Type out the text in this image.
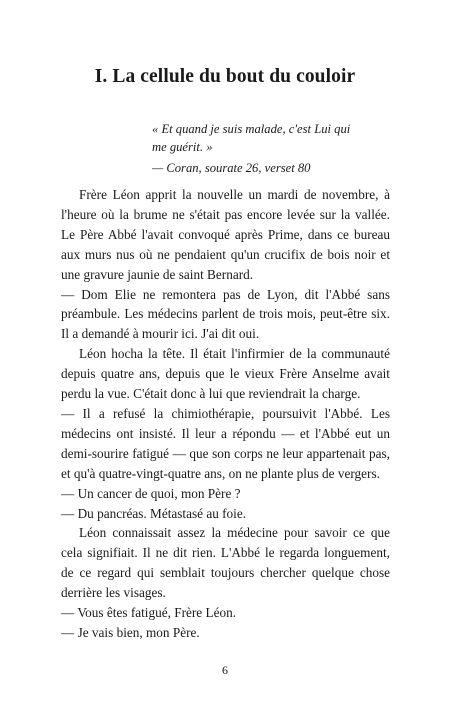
I. La cellule du bout du couloir

« Et quand je suis malade, c'est Lui qui me guérit. »

— Coran, sourate 26, verset 80

Frère Léon apprit la nouvelle un mardi de novembre, à l'heure où la brume ne s'était pas encore levée sur la vallée. Le Père Abbé l'avait convoqué après Prime, dans ce bureau aux murs nus où ne pendaient qu'un crucifix de bois noir et une gravure jaunie de saint Bernard.

— Dom Elie ne remontera pas de Lyon, dit l'Abbé sans préambule. Les médecins parlent de trois mois, peut-être six. Il a demandé à mourir ici. J'ai dit oui.

Léon hocha la tête. Il était l'infirmier de la communauté depuis quatre ans, depuis que le vieux Frère Anselme avait perdu la vue. C'était donc à lui que reviendrait la charge.

— Il a refusé la chimiothérapie, poursuivit l'Abbé. Les médecins ont insisté. Il leur a répondu — et l'Abbé eut un demi-sourire fatigué — que son corps ne leur appartenait pas, et qu'à quatre-vingt-quatre ans, on ne plante plus de vergers.

— Un cancer de quoi, mon Père ?

— Du pancréas. Métastasé au foie.

Léon connaissait assez la médecine pour savoir ce que cela signifiait. Il ne dit rien. L'Abbé le regarda longuement, de ce regard qui semblait toujours chercher quelque chose derrière les visages.

— Vous êtes fatigué, Frère Léon.

— Je vais bien, mon Père.

6
